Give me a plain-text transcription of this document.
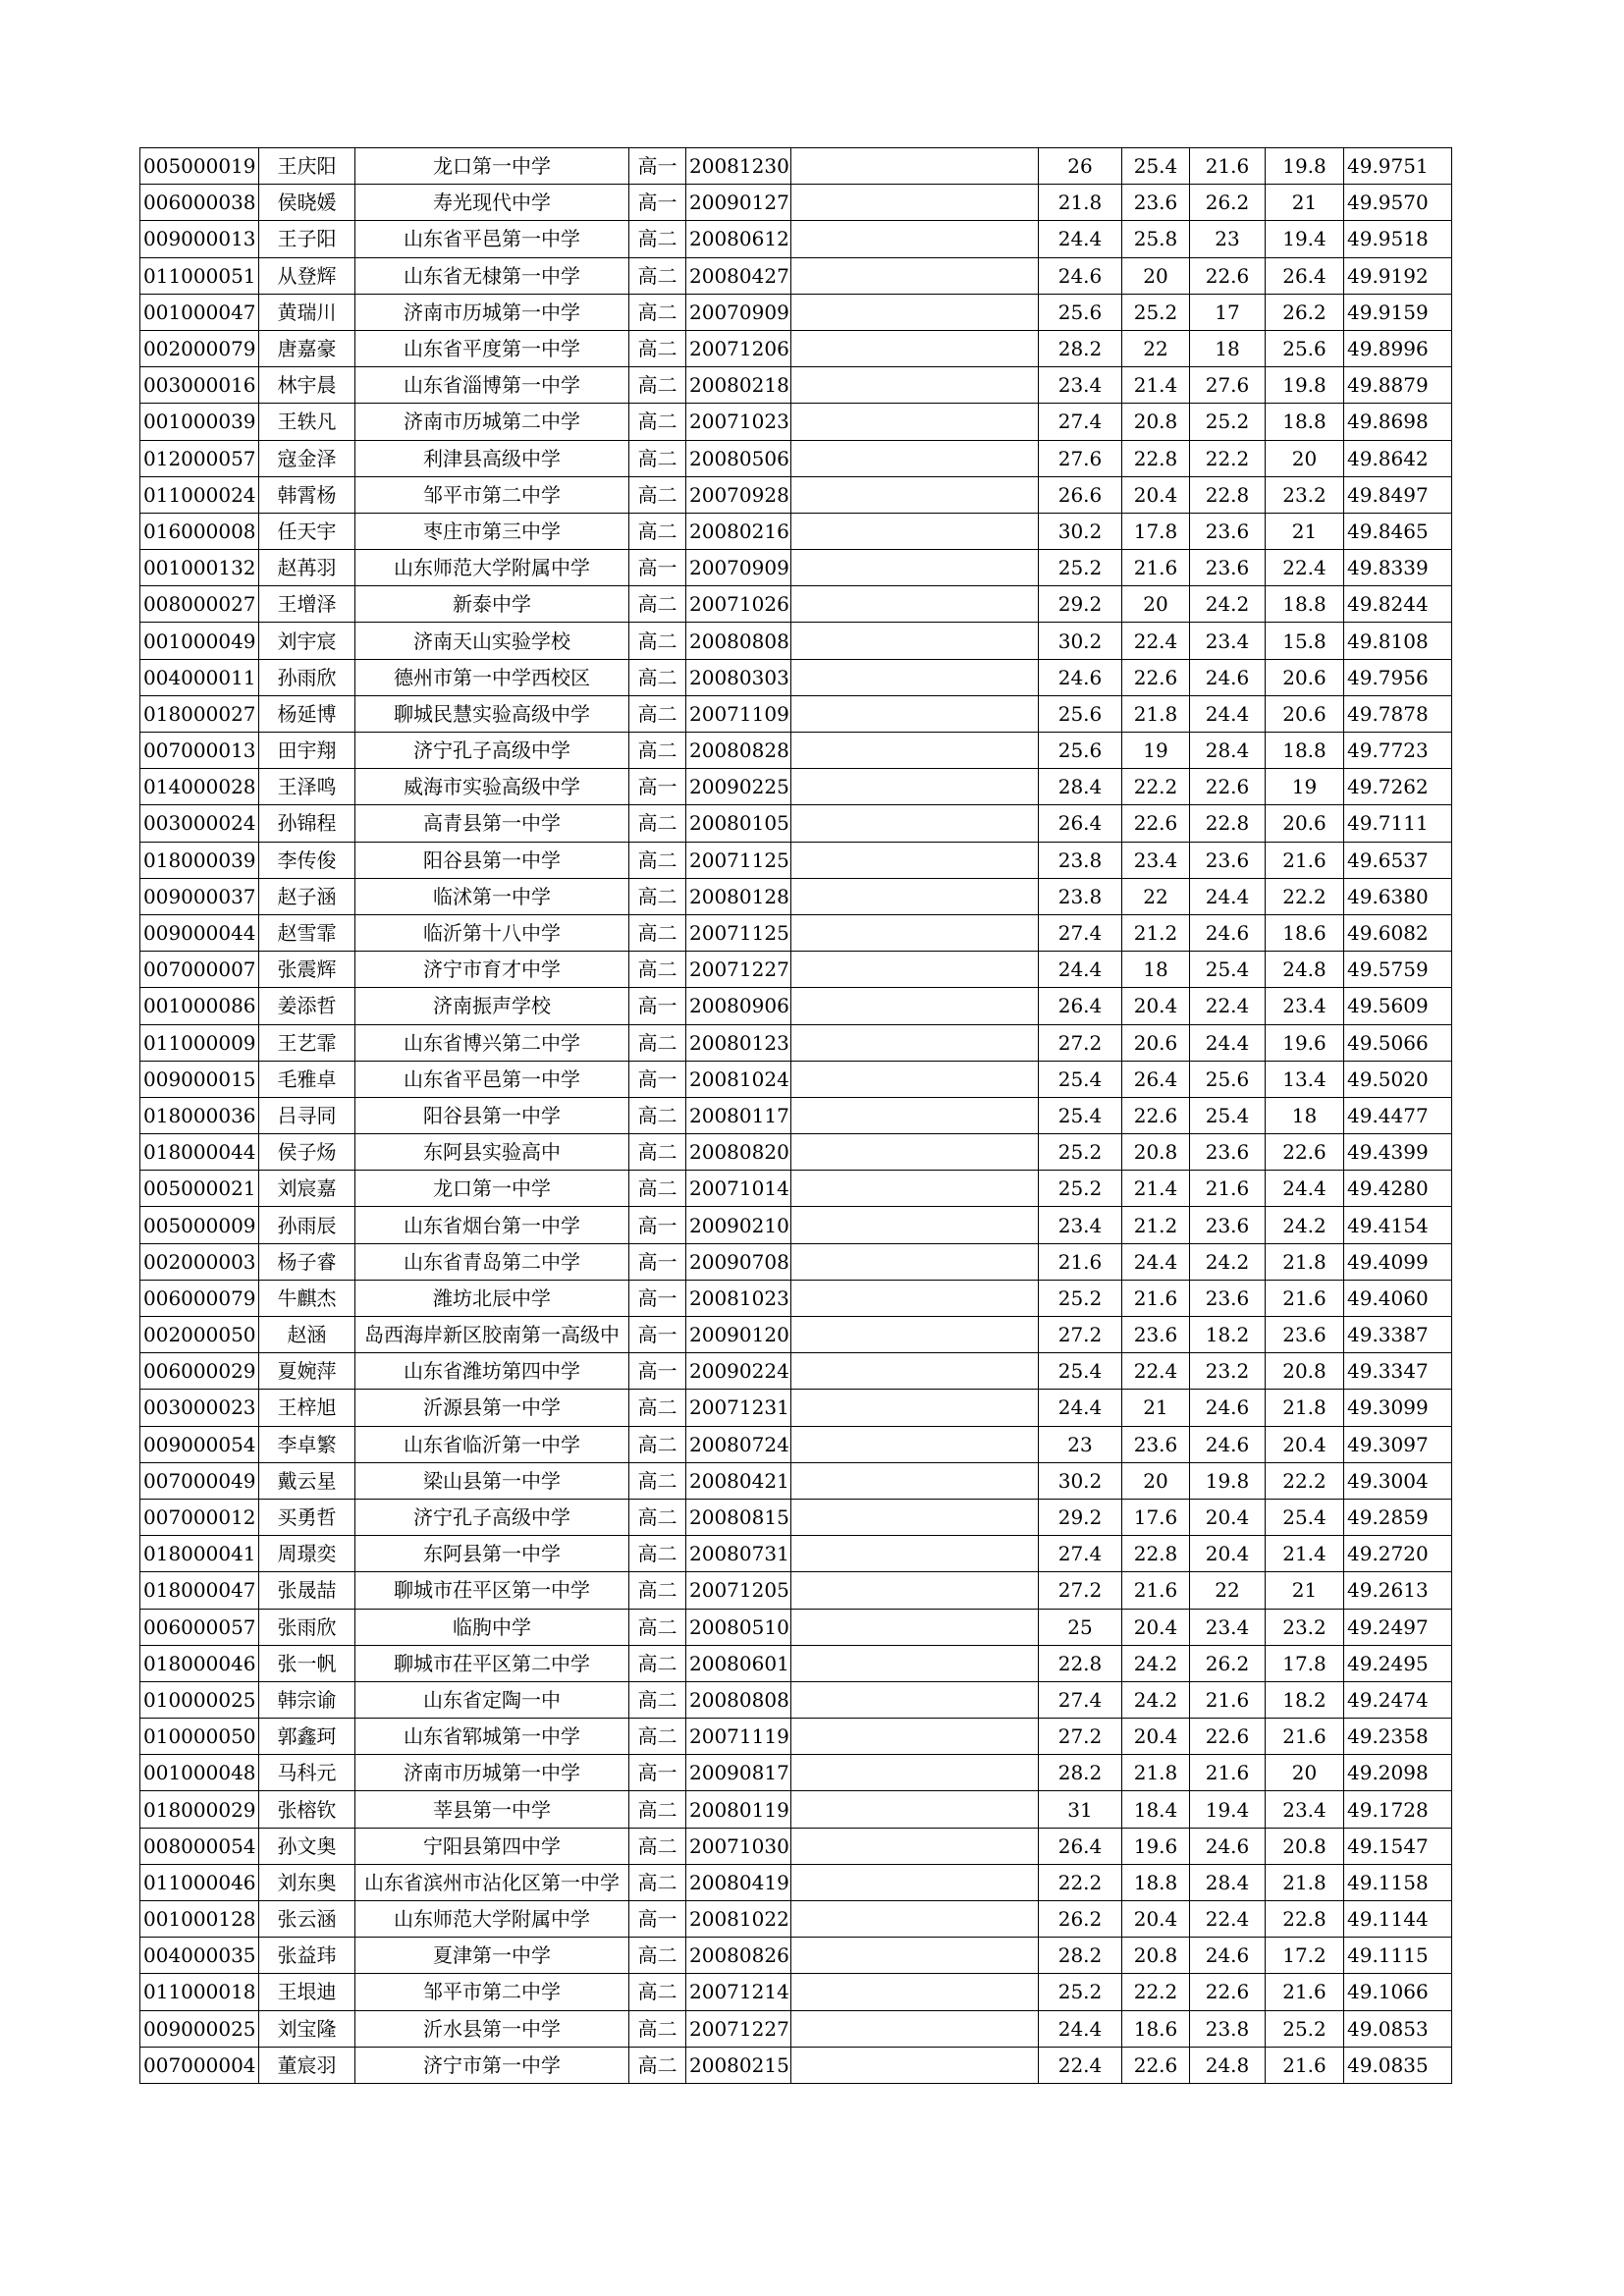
005000019	王庆阳	龙口第一中学	高一	20081230		26	25.4	21.6	19.8	49.9751
006000038	侯晓媛	寿光现代中学	高一	20090127		21.8	23.6	26.2	21	49.9570
009000013	王子阳	山东省平邑第一中学	高二	20080612		24.4	25.8	23	19.4	49.9518
011000051	从登辉	山东省无棣第一中学	高二	20080427		24.6	20	22.6	26.4	49.9192
001000047	黄瑞川	济南市历城第一中学	高二	20070909		25.6	25.2	17	26.2	49.9159
002000079	唐嘉豪	山东省平度第一中学	高二	20071206		28.2	22	18	25.6	49.8996
003000016	林宇晨	山东省淄博第一中学	高二	20080218		23.4	21.4	27.6	19.8	49.8879
001000039	王轶凡	济南市历城第二中学	高二	20071023		27.4	20.8	25.2	18.8	49.8698
012000057	寇金泽	利津县高级中学	高二	20080506		27.6	22.8	22.2	20	49.8642
011000024	韩霄杨	邹平市第二中学	高二	20070928		26.6	20.4	22.8	23.2	49.8497
016000008	任天宇	枣庄市第三中学	高二	20080216		30.2	17.8	23.6	21	49.8465
001000132	赵苒羽	山东师范大学附属中学	高一	20070909		25.2	21.6	23.6	22.4	49.8339
008000027	王增泽	新泰中学	高二	20071026		29.2	20	24.2	18.8	49.8244
001000049	刘宇宸	济南天山实验学校	高二	20080808		30.2	22.4	23.4	15.8	49.8108
004000011	孙雨欣	德州市第一中学西校区	高二	20080303		24.6	22.6	24.6	20.6	49.7956
018000027	杨延博	聊城民慧实验高级中学	高二	20071109		25.6	21.8	24.4	20.6	49.7878
007000013	田宇翔	济宁孔子高级中学	高二	20080828		25.6	19	28.4	18.8	49.7723
014000028	王泽鸣	威海市实验高级中学	高一	20090225		28.4	22.2	22.6	19	49.7262
003000024	孙锦程	高青县第一中学	高二	20080105		26.4	22.6	22.8	20.6	49.7111
018000039	李传俊	阳谷县第一中学	高二	20071125		23.8	23.4	23.6	21.6	49.6537
009000037	赵子涵	临沭第一中学	高二	20080128		23.8	22	24.4	22.2	49.6380
009000044	赵雪霏	临沂第十八中学	高二	20071125		27.4	21.2	24.6	18.6	49.6082
007000007	张震辉	济宁市育才中学	高二	20071227		24.4	18	25.4	24.8	49.5759
001000086	姜添哲	济南振声学校	高一	20080906		26.4	20.4	22.4	23.4	49.5609
011000009	王艺霏	山东省博兴第二中学	高二	20080123		27.2	20.6	24.4	19.6	49.5066
009000015	毛雅卓	山东省平邑第一中学	高一	20081024		25.4	26.4	25.6	13.4	49.5020
018000036	吕寻同	阳谷县第一中学	高二	20080117		25.4	22.6	25.4	18	49.4477
018000044	侯子炀	东阿县实验高中	高二	20080820		25.2	20.8	23.6	22.6	49.4399
005000021	刘宸嘉	龙口第一中学	高二	20071014		25.2	21.4	21.6	24.4	49.4280
005000009	孙雨辰	山东省烟台第一中学	高一	20090210		23.4	21.2	23.6	24.2	49.4154
002000003	杨子睿	山东省青岛第二中学	高一	20090708		21.6	24.4	24.2	21.8	49.4099
006000079	牛麒杰	潍坊北辰中学	高一	20081023		25.2	21.6	23.6	21.6	49.4060
002000050	赵涵	岛西海岸新区胶南第一高级中	高一	20090120		27.2	23.6	18.2	23.6	49.3387
006000029	夏婉萍	山东省潍坊第四中学	高一	20090224		25.4	22.4	23.2	20.8	49.3347
003000023	王梓旭	沂源县第一中学	高二	20071231		24.4	21	24.6	21.8	49.3099
009000054	李卓繁	山东省临沂第一中学	高二	20080724		23	23.6	24.6	20.4	49.3097
007000049	戴云星	梁山县第一中学	高二	20080421		30.2	20	19.8	22.2	49.3004
007000012	买勇哲	济宁孔子高级中学	高二	20080815		29.2	17.6	20.4	25.4	49.2859
018000041	周璟奕	东阿县第一中学	高二	20080731		27.4	22.8	20.4	21.4	49.2720
018000047	张晟喆	聊城市茌平区第一中学	高二	20071205		27.2	21.6	22	21	49.2613
006000057	张雨欣	临朐中学	高二	20080510		25	20.4	23.4	23.2	49.2497
018000046	张一帆	聊城市茌平区第二中学	高二	20080601		22.8	24.2	26.2	17.8	49.2495
010000025	韩宗谕	山东省定陶一中	高二	20080808		27.4	24.2	21.6	18.2	49.2474
010000050	郭鑫珂	山东省郓城第一中学	高二	20071119		27.2	20.4	22.6	21.6	49.2358
001000048	马科元	济南市历城第一中学	高一	20090817		28.2	21.8	21.6	20	49.2098
018000029	张榕钦	莘县第一中学	高二	20080119		31	18.4	19.4	23.4	49.1728
008000054	孙文奥	宁阳县第四中学	高二	20071030		26.4	19.6	24.6	20.8	49.1547
011000046	刘东奥	山东省滨州市沾化区第一中学	高二	20080419		22.2	18.8	28.4	21.8	49.1158
001000128	张云涵	山东师范大学附属中学	高一	20081022		26.2	20.4	22.4	22.8	49.1144
004000035	张益玮	夏津第一中学	高二	20080826		28.2	20.8	24.6	17.2	49.1115
011000018	王垠迪	邹平市第二中学	高二	20071214		25.2	22.2	22.6	21.6	49.1066
009000025	刘宝隆	沂水县第一中学	高二	20071227		24.4	18.6	23.8	25.2	49.0853
007000004	董宸羽	济宁市第一中学	高二	20080215		22.4	22.6	24.8	21.6	49.0835
